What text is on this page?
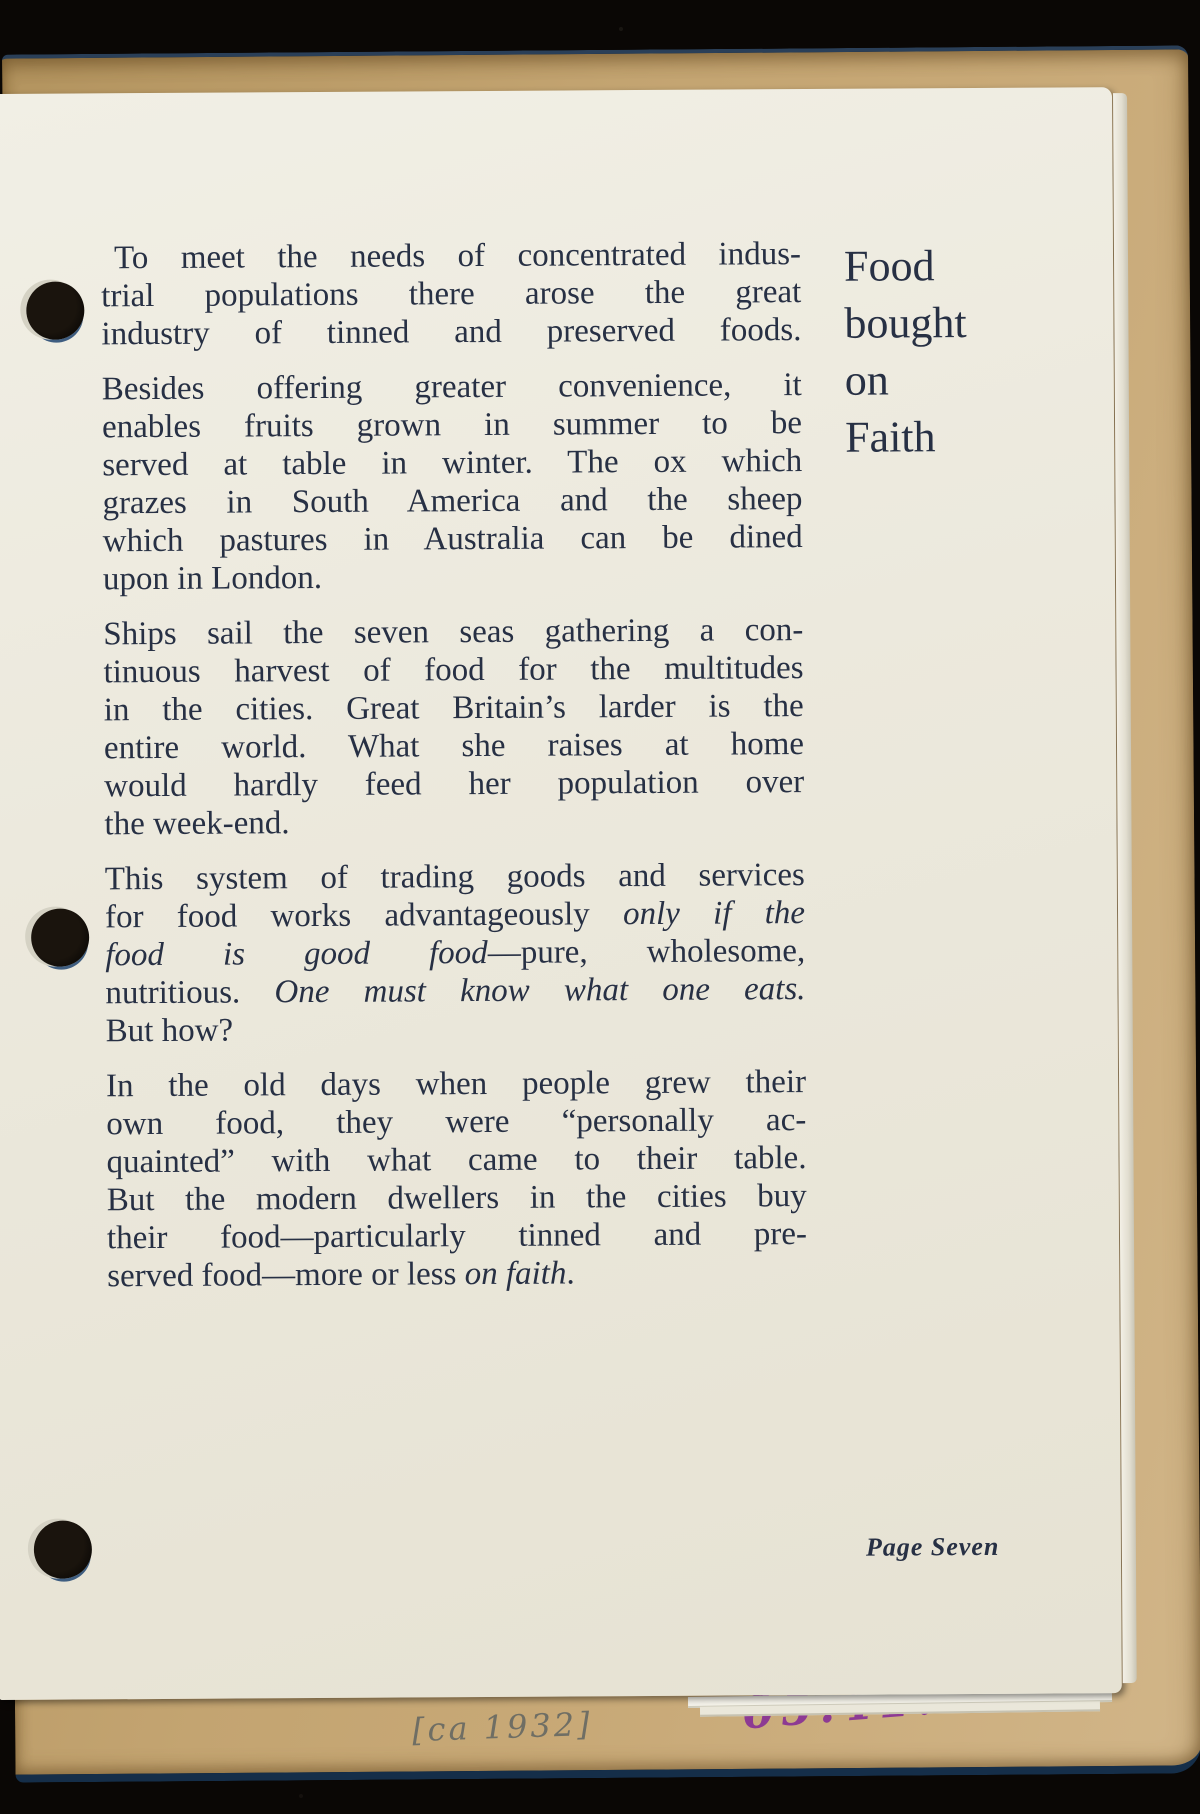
[ca 1932]

To meet the needs of concentrated indus-
trial populations there arose the great
industry of tinned and preserved foods.

Besides offering greater convenience, it
enables fruits grown in summer to be
served at table in winter. The ox which
grazes in South America and the sheep
which pastures in Australia can be dined
upon in London.

Ships sail the seven seas gathering a con-
tinuous harvest of food for the multitudes
in the cities. Great Britain’s larder is the
entire world. What she raises at home
would hardly feed her population over
the week-end.

This system of trading goods and services
for food works advantageously only if the
food is good food—pure, wholesome,
nutritious. One must know what one eats.
But how?

In the old days when people grew their
own food, they were “personally ac-
quainted” with what came to their table.
But the modern dwellers in the cities buy
their food—particularly tinned and pre-
served food—more or less on faith.

Food
bought
on
Faith
Page Seven
